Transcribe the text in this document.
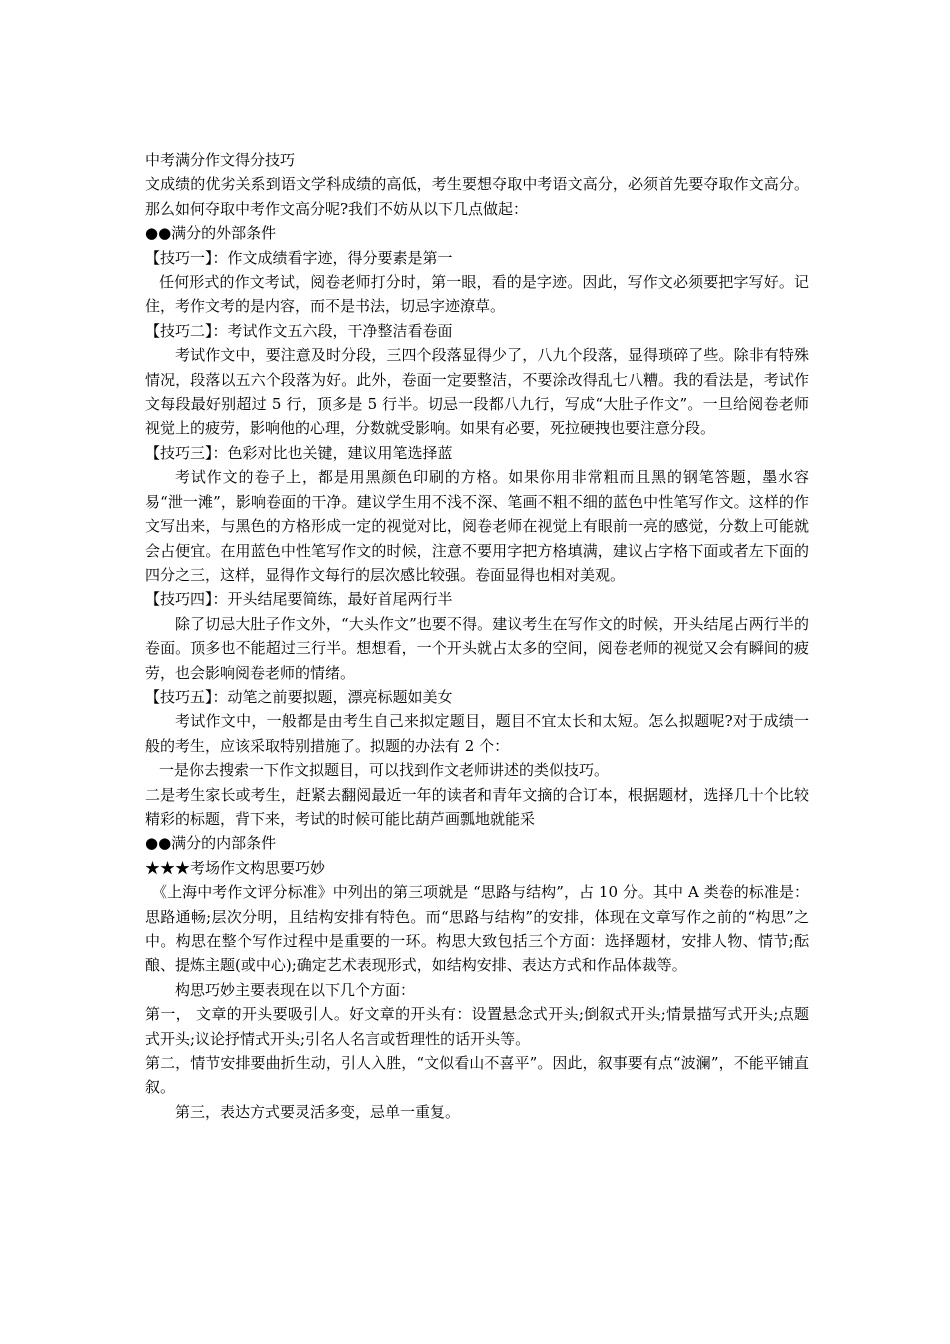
中考满分作文得分技巧

文成绩的优劣关系到语文学科成绩的高低，考生要想夺取中考语文高分，必须首先要夺取作文高分。那么如何夺取中考作文高分呢?我们不妨从以下几点做起：

●●满分的外部条件

【技巧一】：作文成绩看字迹，得分要素是第一

任何形式的作文考试，阅卷老师打分时，第一眼，看的是字迹。因此，写作文必须要把字写好。记住，考作文考的是内容，而不是书法，切忌字迹潦草。

【技巧二】：考试作文五六段，干净整洁看卷面

考试作文中，要注意及时分段，三四个段落显得少了，八九个段落，显得琐碎了些。除非有特殊情况，段落以五六个段落为好。此外，卷面一定要整洁，不要涂改得乱七八糟。我的看法是，考试作文每段最好别超过 5 行，顶多是 5 行半。切忌一段都八九行，写成“大肚子作文”。一旦给阅卷老师视觉上的疲劳，影响他的心理，分数就受影响。如果有必要，死拉硬拽也要注意分段。

【技巧三】：色彩对比也关键，建议用笔选择蓝

考试作文的卷子上，都是用黑颜色印刷的方格。如果你用非常粗而且黑的钢笔答题，墨水容易“泄一滩”，影响卷面的干净。建议学生用不浅不深、笔画不粗不细的蓝色中性笔写作文。这样的作文写出来，与黑色的方格形成一定的视觉对比，阅卷老师在视觉上有眼前一亮的感觉，分数上可能就会占便宜。在用蓝色中性笔写作文的时候，注意不要用字把方格填满，建议占字格下面或者左下面的四分之三，这样，显得作文每行的层次感比较强。卷面显得也相对美观。

【技巧四】：开头结尾要简练，最好首尾两行半

除了切忌大肚子作文外，“大头作文”也要不得。建议考生在写作文的时候，开头结尾占两行半的卷面。顶多也不能超过三行半。想想看，一个开头就占太多的空间，阅卷老师的视觉又会有瞬间的疲劳，也会影响阅卷老师的情绪。

【技巧五】：动笔之前要拟题，漂亮标题如美女

考试作文中，一般都是由考生自己来拟定题目，题目不宜太长和太短。怎么拟题呢?对于成绩一般的考生，应该采取特别措施了。拟题的办法有 2 个：

一是你去搜索一下作文拟题目，可以找到作文老师讲述的类似技巧。

二是考生家长或考生，赶紧去翻阅最近一年的读者和青年文摘的合订本，根据题材，选择几十个比较精彩的标题，背下来，考试的时候可能比葫芦画瓢地就能采

●●满分的内部条件

★★★考场作文构思要巧妙

《上海中考作文评分标准》中列出的第三项就是 “思路与结构”，占 10 分。其中 A 类卷的标准是：思路通畅;层次分明，且结构安排有特色。而“思路与结构”的安排，体现在文章写作之前的“构思”之中。构思在整个写作过程中是重要的一环。构思大致包括三个方面：选择题材，安排人物、情节;酝酿、提炼主题(或中心);确定艺术表现形式，如结构安排、表达方式和作品体裁等。

构思巧妙主要表现在以下几个方面：

第一， 文章的开头要吸引人。好文章的开头有：设置悬念式开头;倒叙式开头;情景描写式开头;点题式开头;议论抒情式开头;引名人名言或哲理性的话开头等。

第二，情节安排要曲折生动，引人入胜，“文似看山不喜平”。因此，叙事要有点“波澜”，不能平铺直叙。

第三，表达方式要灵活多变，忌单一重复。
